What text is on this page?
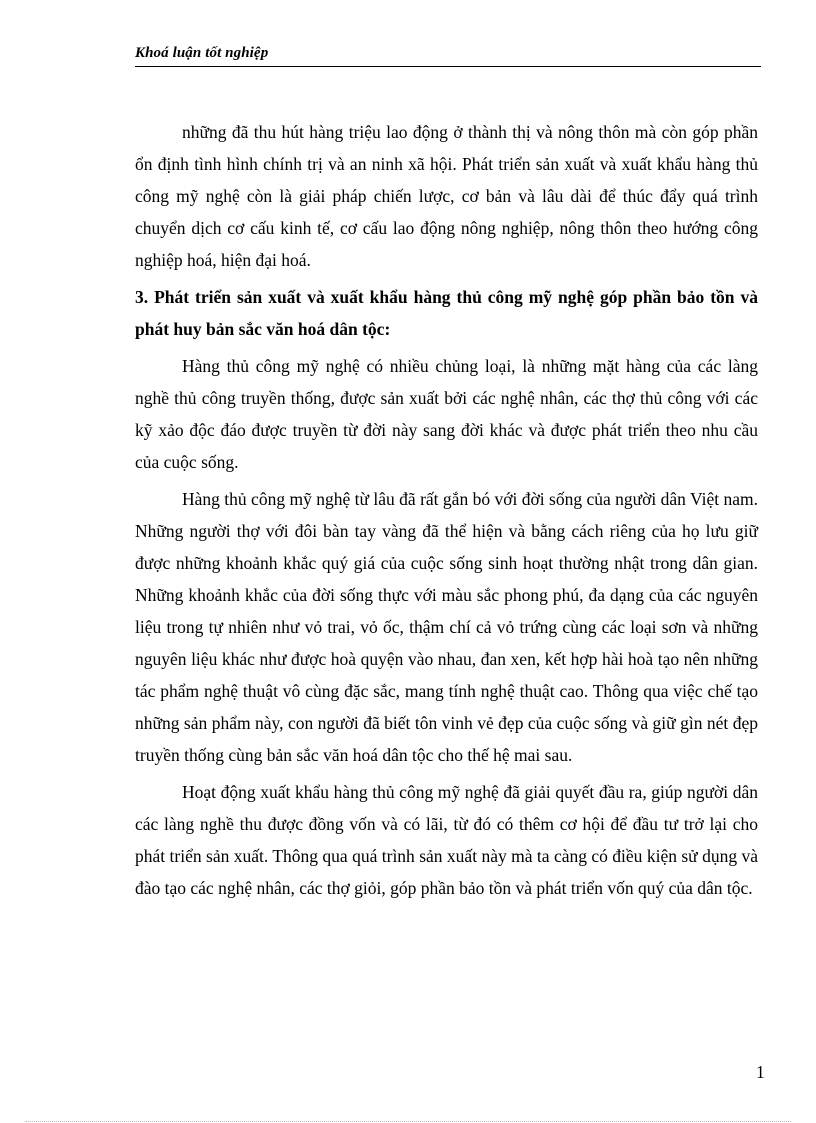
Khoá luận tốt nghiệp

những đã thu hút hàng triệu lao động ở thành thị và nông thôn mà còn góp phần ổn định tình hình chính trị và an ninh xã hội. Phát triển sản xuất và xuất khẩu hàng thủ công mỹ nghệ còn là giải pháp chiến lược, cơ bản và lâu dài để thúc đẩy quá trình chuyển dịch cơ cấu kinh tế, cơ cấu lao động nông nghiệp, nông thôn theo hướng công nghiệp hoá, hiện đại hoá.

3. Phát triển sản xuất và xuất khẩu hàng thủ công mỹ nghệ góp phần bảo tồn và phát huy bản sắc văn hoá dân tộc:

Hàng thủ công mỹ nghệ có nhiều chủng loại, là những mặt hàng của các làng nghề thủ công truyền thống, được sản xuất bởi các nghệ nhân, các thợ thủ công với các kỹ xảo độc đáo được truyền từ đời này sang đời khác và được phát triển theo nhu cầu của cuộc sống.

Hàng thủ công mỹ nghệ từ lâu đã rất gắn bó với đời sống của người dân Việt nam. Những người thợ với đôi bàn tay vàng đã thể hiện và bằng cách riêng của họ lưu giữ được những khoảnh khắc quý giá của cuộc sống sinh hoạt thường nhật trong dân gian. Những khoảnh khắc của đời sống thực với màu sắc phong phú, đa dạng của các nguyên liệu trong tự nhiên như vỏ trai, vỏ ốc, thậm chí cả vỏ trứng cùng các loại sơn và những nguyên liệu khác như được hoà quyện vào nhau, đan xen, kết hợp hài hoà tạo nên những tác phẩm nghệ thuật vô cùng đặc sắc, mang tính nghệ thuật cao. Thông qua việc chế tạo những sản phẩm này, con người đã biết tôn vinh vẻ đẹp của cuộc sống và giữ gìn nét đẹp truyền thống cùng bản sắc văn hoá dân tộc cho thế hệ mai sau.

Hoạt động xuất khẩu hàng thủ công mỹ nghệ đã giải quyết đầu ra, giúp người dân các làng nghề thu được đồng vốn và có lãi, từ đó có thêm cơ hội để đầu tư trở lại cho phát triển sản xuất. Thông qua quá trình sản xuất này mà ta càng có điều kiện sử dụng và đào tạo các nghệ nhân, các thợ giỏi, góp phần bảo tồn và phát triển vốn quý của dân tộc.

1
